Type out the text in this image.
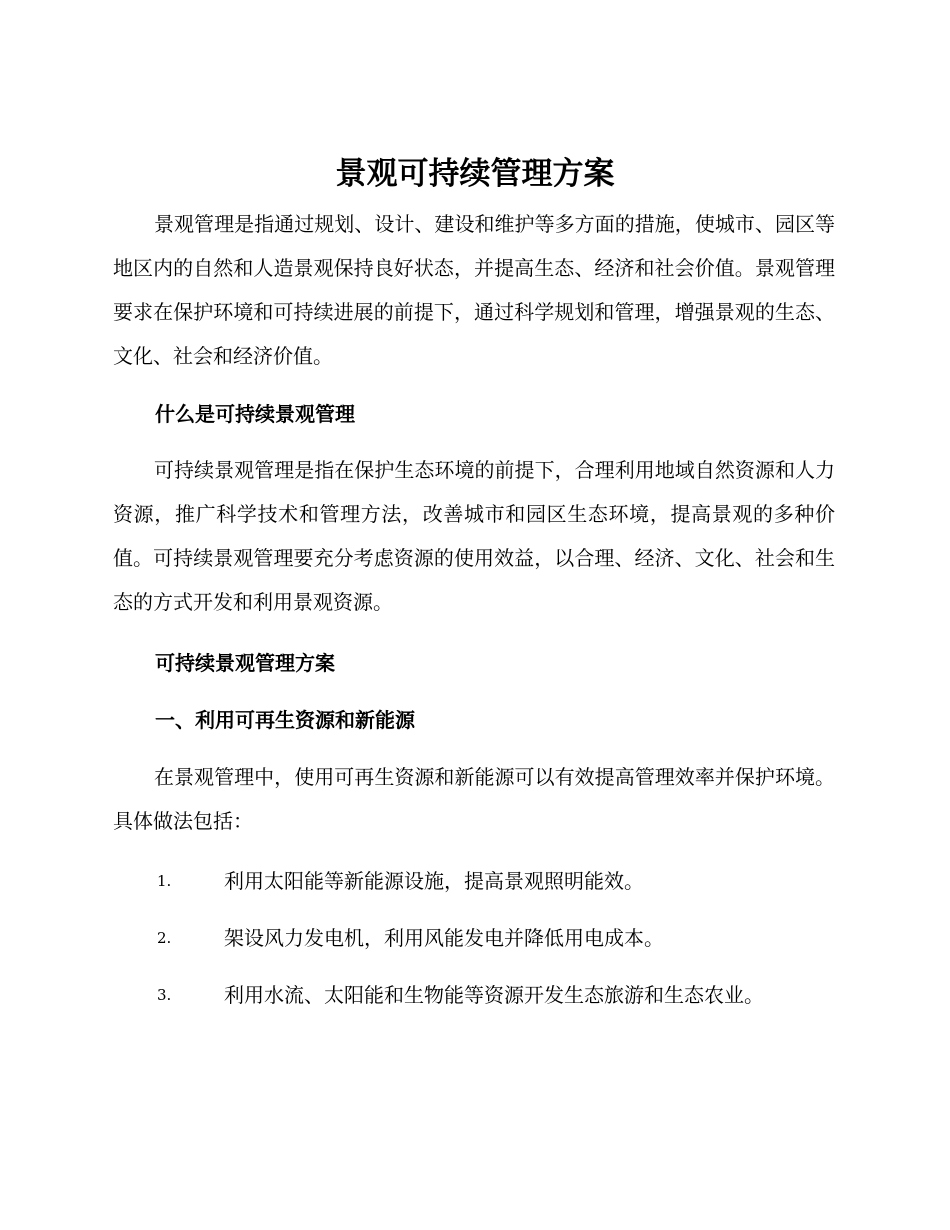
景观可持续管理方案

景观管理是指通过规划、设计、建设和维护等多方面的措施，使城市、园区等地区内的自然和人造景观保持良好状态，并提高生态、经济和社会价值。景观管理要求在保护环境和可持续进展的前提下，通过科学规划和管理，增强景观的生态、文化、社会和经济价值。

什么是可持续景观管理

可持续景观管理是指在保护生态环境的前提下，合理利用地域自然资源和人力资源，推广科学技术和管理方法，改善城市和园区生态环境，提高景观的多种价值。可持续景观管理要充分考虑资源的使用效益，以合理、经济、文化、社会和生态的方式开发和利用景观资源。

可持续景观管理方案
一、利用可再生资源和新能源

在景观管理中，使用可再生资源和新能源可以有效提高管理效率并保护环境。具体做法包括：

1.	利用太阳能等新能源设施，提高景观照明能效。
2.	架设风力发电机，利用风能发电并降低用电成本。
3.	利用水流、太阳能和生物能等资源开发生态旅游和生态农业。
